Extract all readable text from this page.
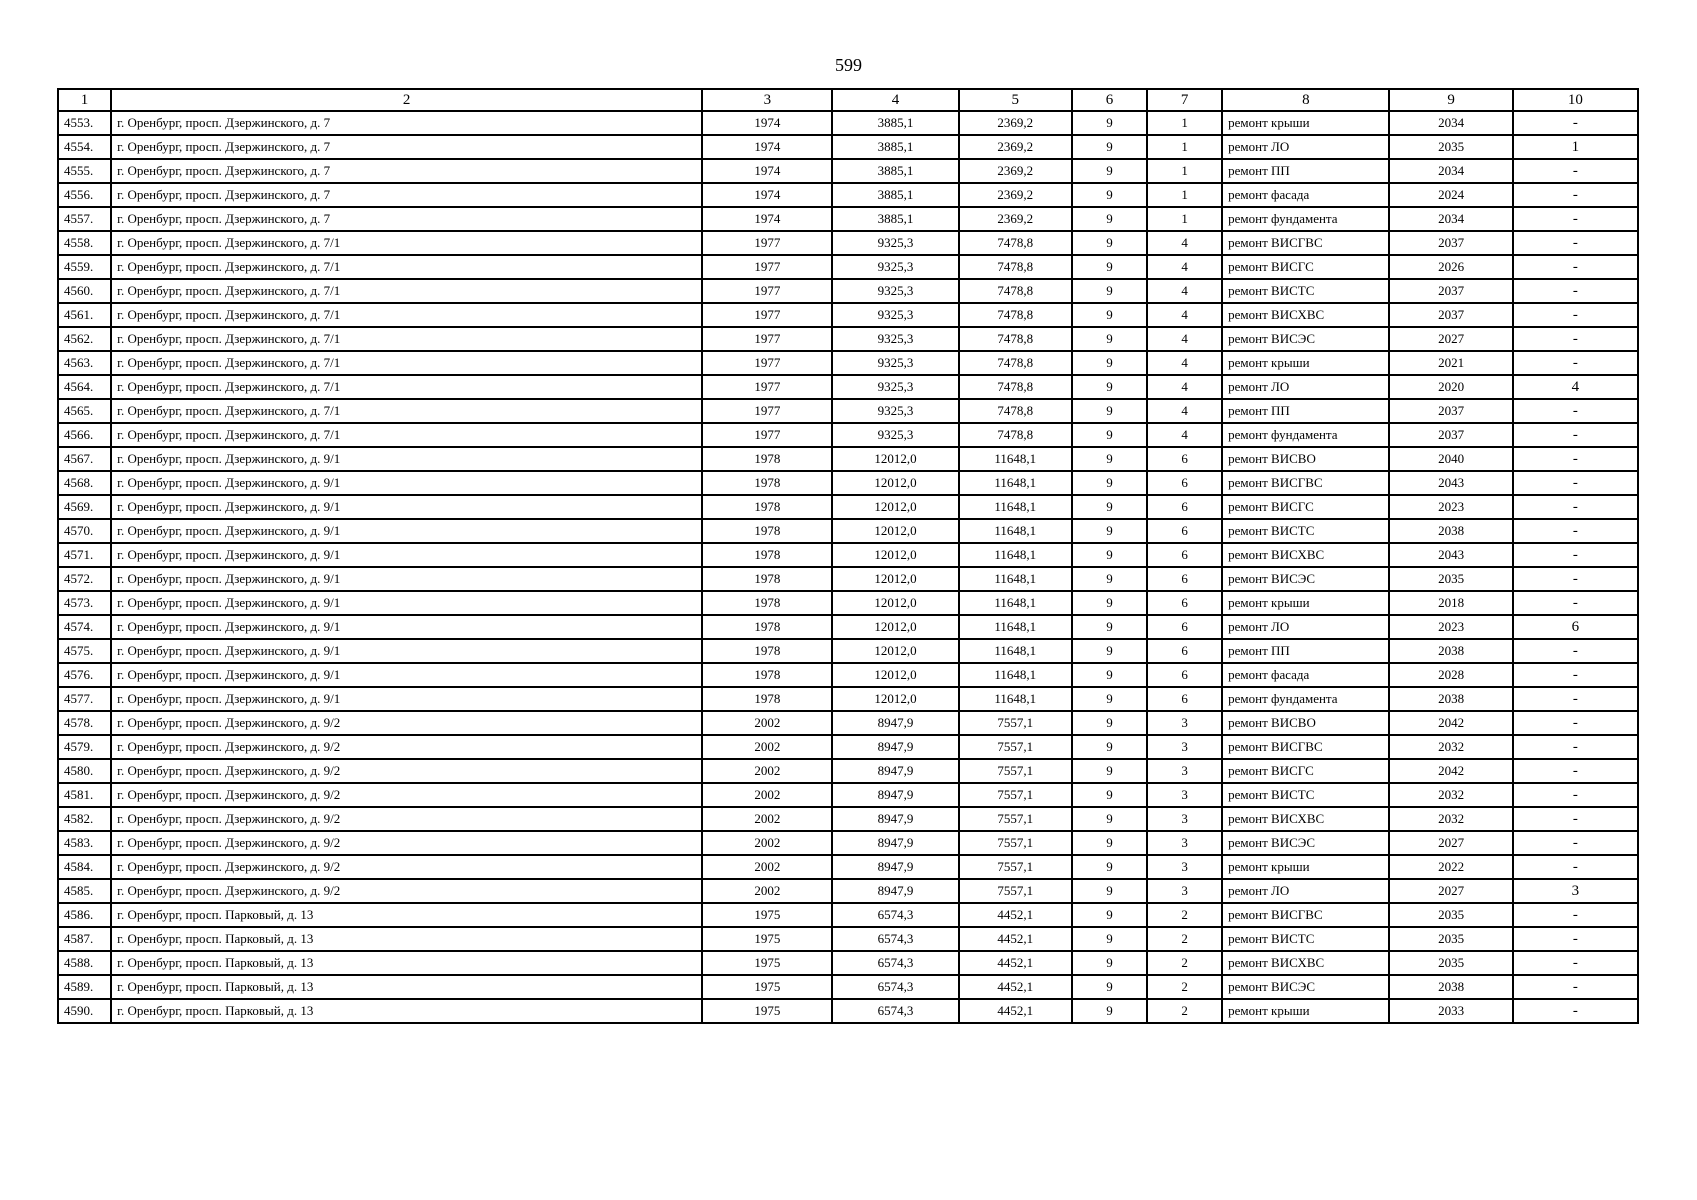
599
1	2	3	4	5	6	7	8	9	10
4553.	г. Оренбург, просп. Дзержинского, д. 7	1974	3885,1	2369,2	9	1	ремонт крыши	2034	-
4554.	г. Оренбург, просп. Дзержинского, д. 7	1974	3885,1	2369,2	9	1	ремонт ЛО	2035	1
4555.	г. Оренбург, просп. Дзержинского, д. 7	1974	3885,1	2369,2	9	1	ремонт ПП	2034	-
4556.	г. Оренбург, просп. Дзержинского, д. 7	1974	3885,1	2369,2	9	1	ремонт фасада	2024	-
4557.	г. Оренбург, просп. Дзержинского, д. 7	1974	3885,1	2369,2	9	1	ремонт фундамента	2034	-
4558.	г. Оренбург, просп. Дзержинского, д. 7/1	1977	9325,3	7478,8	9	4	ремонт ВИСГВС	2037	-
4559.	г. Оренбург, просп. Дзержинского, д. 7/1	1977	9325,3	7478,8	9	4	ремонт ВИСГС	2026	-
4560.	г. Оренбург, просп. Дзержинского, д. 7/1	1977	9325,3	7478,8	9	4	ремонт ВИСТС	2037	-
4561.	г. Оренбург, просп. Дзержинского, д. 7/1	1977	9325,3	7478,8	9	4	ремонт ВИСХВС	2037	-
4562.	г. Оренбург, просп. Дзержинского, д. 7/1	1977	9325,3	7478,8	9	4	ремонт ВИСЭС	2027	-
4563.	г. Оренбург, просп. Дзержинского, д. 7/1	1977	9325,3	7478,8	9	4	ремонт крыши	2021	-
4564.	г. Оренбург, просп. Дзержинского, д. 7/1	1977	9325,3	7478,8	9	4	ремонт ЛО	2020	4
4565.	г. Оренбург, просп. Дзержинского, д. 7/1	1977	9325,3	7478,8	9	4	ремонт ПП	2037	-
4566.	г. Оренбург, просп. Дзержинского, д. 7/1	1977	9325,3	7478,8	9	4	ремонт фундамента	2037	-
4567.	г. Оренбург, просп. Дзержинского, д. 9/1	1978	12012,0	11648,1	9	6	ремонт ВИСВО	2040	-
4568.	г. Оренбург, просп. Дзержинского, д. 9/1	1978	12012,0	11648,1	9	6	ремонт ВИСГВС	2043	-
4569.	г. Оренбург, просп. Дзержинского, д. 9/1	1978	12012,0	11648,1	9	6	ремонт ВИСГС	2023	-
4570.	г. Оренбург, просп. Дзержинского, д. 9/1	1978	12012,0	11648,1	9	6	ремонт ВИСТС	2038	-
4571.	г. Оренбург, просп. Дзержинского, д. 9/1	1978	12012,0	11648,1	9	6	ремонт ВИСХВС	2043	-
4572.	г. Оренбург, просп. Дзержинского, д. 9/1	1978	12012,0	11648,1	9	6	ремонт ВИСЭС	2035	-
4573.	г. Оренбург, просп. Дзержинского, д. 9/1	1978	12012,0	11648,1	9	6	ремонт крыши	2018	-
4574.	г. Оренбург, просп. Дзержинского, д. 9/1	1978	12012,0	11648,1	9	6	ремонт ЛО	2023	6
4575.	г. Оренбург, просп. Дзержинского, д. 9/1	1978	12012,0	11648,1	9	6	ремонт ПП	2038	-
4576.	г. Оренбург, просп. Дзержинского, д. 9/1	1978	12012,0	11648,1	9	6	ремонт фасада	2028	-
4577.	г. Оренбург, просп. Дзержинского, д. 9/1	1978	12012,0	11648,1	9	6	ремонт фундамента	2038	-
4578.	г. Оренбург, просп. Дзержинского, д. 9/2	2002	8947,9	7557,1	9	3	ремонт ВИСВО	2042	-
4579.	г. Оренбург, просп. Дзержинского, д. 9/2	2002	8947,9	7557,1	9	3	ремонт ВИСГВС	2032	-
4580.	г. Оренбург, просп. Дзержинского, д. 9/2	2002	8947,9	7557,1	9	3	ремонт ВИСГС	2042	-
4581.	г. Оренбург, просп. Дзержинского, д. 9/2	2002	8947,9	7557,1	9	3	ремонт ВИСТС	2032	-
4582.	г. Оренбург, просп. Дзержинского, д. 9/2	2002	8947,9	7557,1	9	3	ремонт ВИСХВС	2032	-
4583.	г. Оренбург, просп. Дзержинского, д. 9/2	2002	8947,9	7557,1	9	3	ремонт ВИСЭС	2027	-
4584.	г. Оренбург, просп. Дзержинского, д. 9/2	2002	8947,9	7557,1	9	3	ремонт крыши	2022	-
4585.	г. Оренбург, просп. Дзержинского, д. 9/2	2002	8947,9	7557,1	9	3	ремонт ЛО	2027	3
4586.	г. Оренбург, просп. Парковый, д. 13	1975	6574,3	4452,1	9	2	ремонт ВИСГВС	2035	-
4587.	г. Оренбург, просп. Парковый, д. 13	1975	6574,3	4452,1	9	2	ремонт ВИСТС	2035	-
4588.	г. Оренбург, просп. Парковый, д. 13	1975	6574,3	4452,1	9	2	ремонт ВИСХВС	2035	-
4589.	г. Оренбург, просп. Парковый, д. 13	1975	6574,3	4452,1	9	2	ремонт ВИСЭС	2038	-
4590.	г. Оренбург, просп. Парковый, д. 13	1975	6574,3	4452,1	9	2	ремонт крыши	2033	-
